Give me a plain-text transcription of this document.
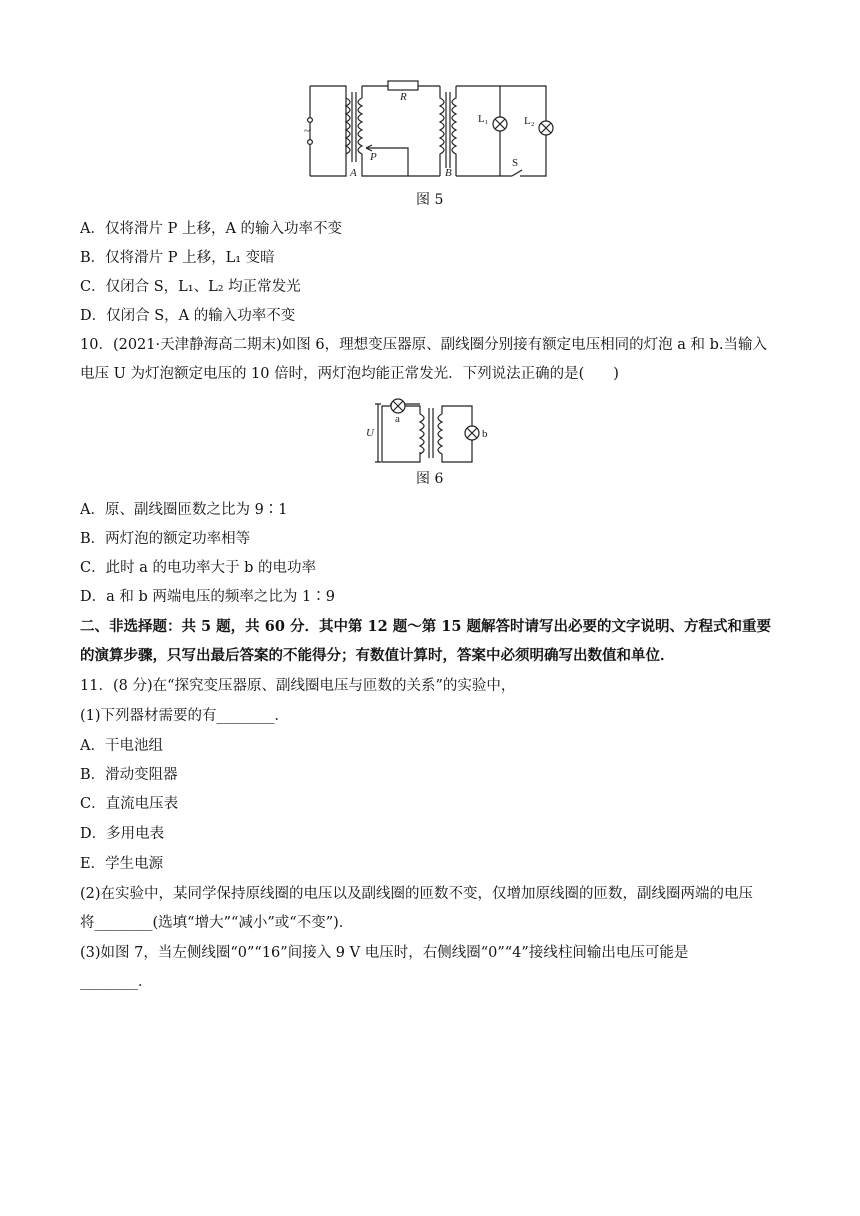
R
A	B
P
L₁	L₂
S
~
图 5
A．仅将滑片 P 上移，A 的输入功率不变
B．仅将滑片 P 上移，L₁ 变暗
C．仅闭合 S，L₁、L₂ 均正常发光
D．仅闭合 S，A 的输入功率不变
10．(2021·天津静海高二期末)如图 6，理想变压器原、副线圈分别接有额定电压相同的灯泡 a 和 b.当输入
电压 U 为灯泡额定电压的 10 倍时，两灯泡均能正常发光．下列说法正确的是(　　)
U
a
b
图 6
A．原、副线圈匝数之比为 9∶1
B．两灯泡的额定功率相等
C．此时 a 的电功率大于 b 的电功率
D．a 和 b 两端电压的频率之比为 1∶9
二、非选择题：共 5 题，共 60 分．其中第 12 题～第 15 题解答时请写出必要的文字说明、方程式和重要
的演算步骤，只写出最后答案的不能得分；有数值计算时，答案中必须明确写出数值和单位．
11．(8 分)在“探究变压器原、副线圈电压与匝数的关系”的实验中，
(1)下列器材需要的有________．
A．干电池组
B．滑动变阻器
C．直流电压表
D．多用电表
E．学生电源
(2)在实验中，某同学保持原线圈的电压以及副线圈的匝数不变，仅增加原线圈的匝数，副线圈两端的电压
将________(选填“增大”“减小”或“不变”)．
(3)如图 7，当左侧线圈“0”“16”间接入 9 V 电压时，右侧线圈“0”“4”接线柱间输出电压可能是
________．
